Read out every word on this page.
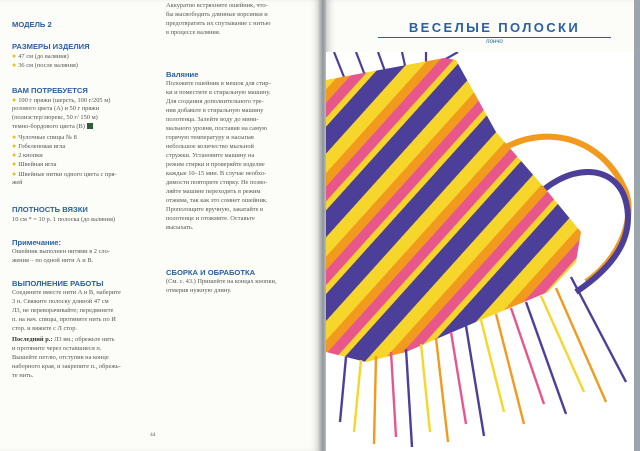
МОДЕЛЬ 2
РАЗМЕРЫ ИЗДЕЛИЯ
● 47 см (до валяния)
● 36 см (после валяния)
ВАМ ПОТРЕБУЕТСЯ
● 100 г пряжи (шерсть, 100 г/205 м)
розового цвета (А) и 50 г пряжи
(полиэстер/люрекс, 50 г/ 150 м)
темно-бордового цвета (В)
● Чулочные спицы № 8
● Гобеленовая игла
● 2 кнопки
● Швейная игла
● Швейные нитки одного цвета с пря-
жей
ПЛОТНОСТЬ ВЯЗКИ
10 см * = 10 р. 1 полоска (до валяния)
Примечание:
Ошейник выполнен нитями в 2 сло-
жения – по одной нити А и В.
ВЫПОЛНЕНИЕ РАБОТЫ
Соедините вместе нити А и В, наберите
3 п. Свяжите полоску длиной 47 см
Л3, не переворачивайте; передвинете
п. на нач. спицы, протяните нить по И
стор. и вяжите с Л стор.
Последний р.: Л3 вм.; обрежьте нить
и протяните через оставшиеся п.
Вышейте петлю, отступив на конце
наборного края, и закрепите п., обрежь-
те нить.
Аккуратно встряхните ошейник, что-
бы высвободить длинные ворсинки и
предотвратить их спутывание с нитью
в процессе валяния.
Валяние
Положите ошейник в мешок для стир-
ки и поместите в стиральную машину.
Для создания дополнительного тре-
ния добавьте в стиральную машину
полотенца. Залейте воду до мини-
мального уровня, поставив на самую
горячую температуру и насыпав
небольшое количество мыльной
стружки. Установите машину на
режим стирки и проверяйте изделие
каждые 10–15 мин. В случае необхо-
димости повторите стирку. Не позво-
ляйте машине переходить в режим
отжима, так как это сомнет ошейник.
Прополощите вручную, закатайте в
полотенце и отожмите. Оставьте
высыхать.
СБОРКА И ОБРАБОТКА
(См. с. 43.) Пришейте на концах кнопки,
отмерив нужную длину.
44
ВЕСЕЛЫЕ ПОЛОСКИ
пончо
